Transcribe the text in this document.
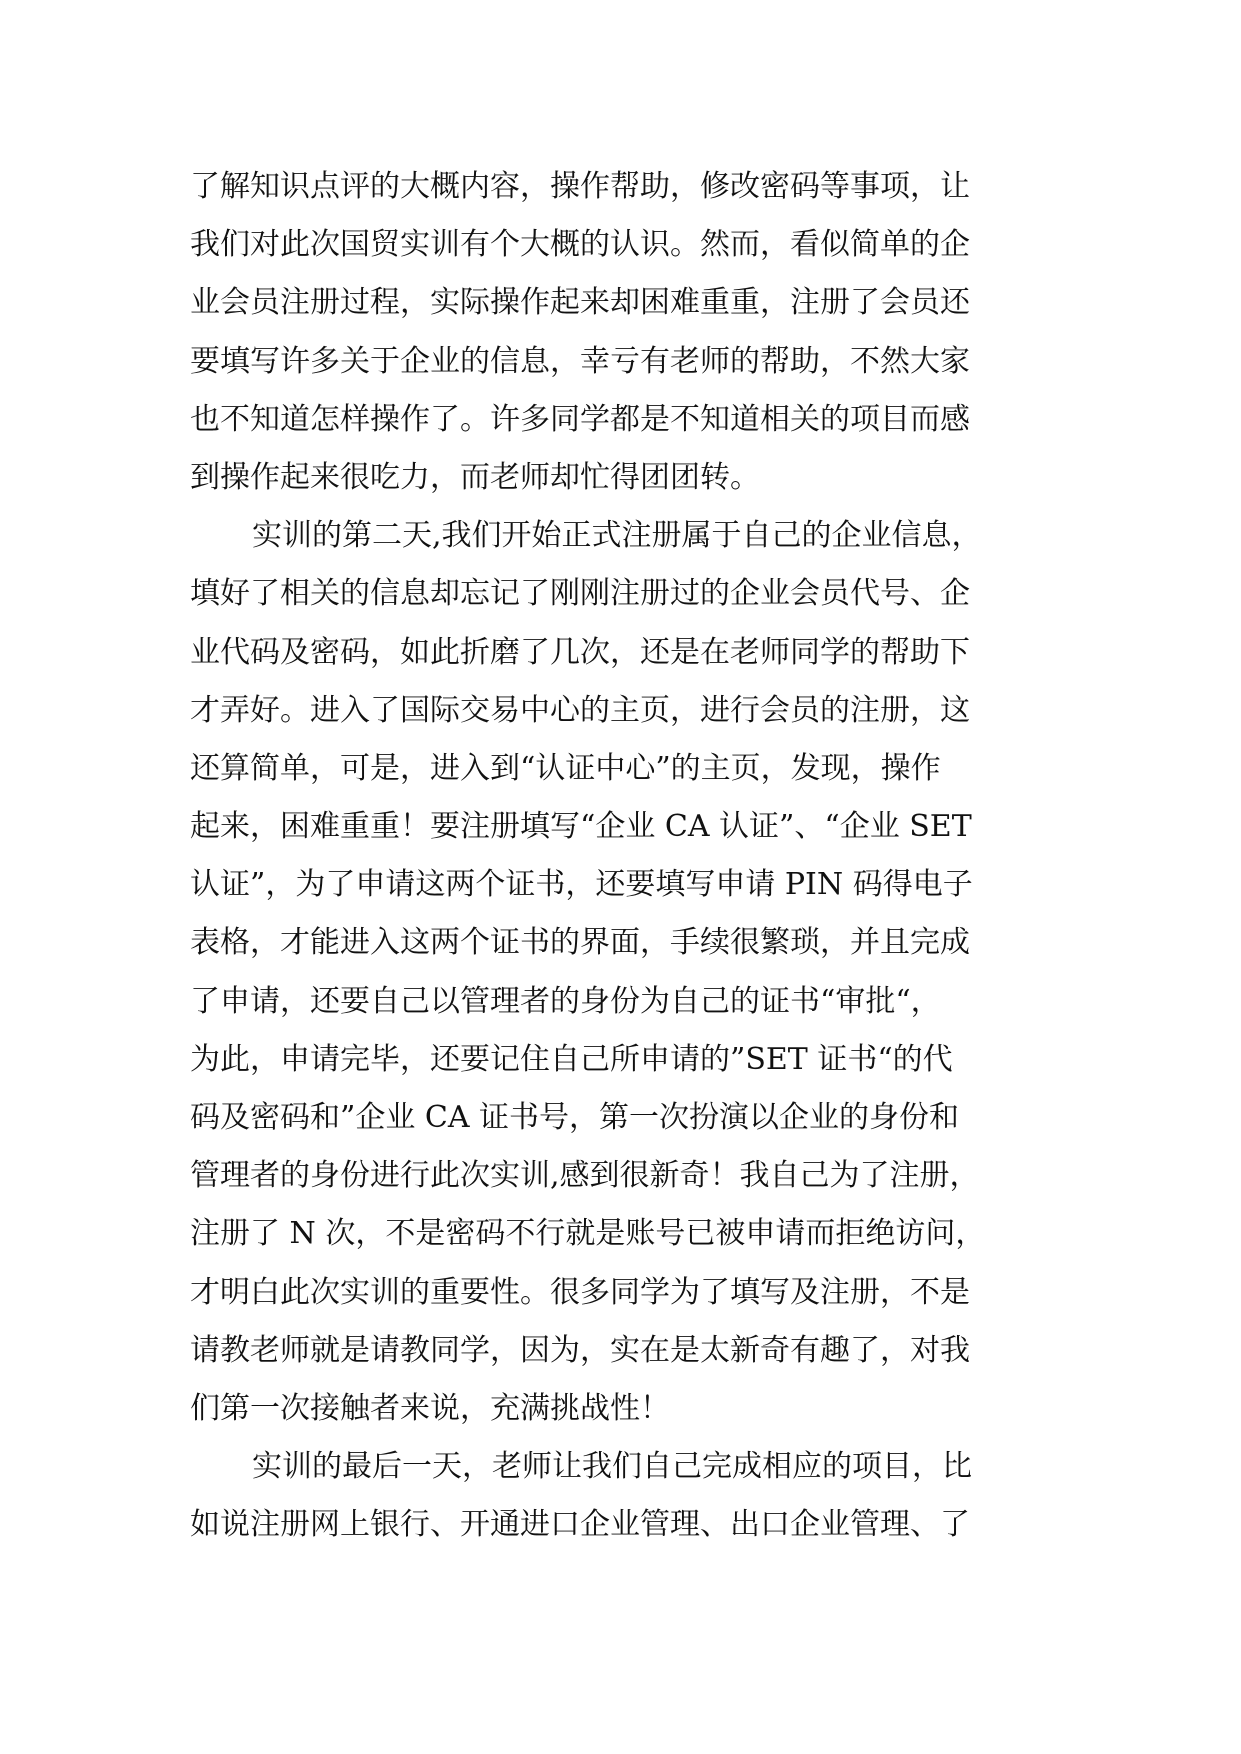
了解知识点评的大概内容，操作帮助，修改密码等事项，让
我们对此次国贸实训有个大概的认识。然而，看似简单的企
业会员注册过程，实际操作起来却困难重重，注册了会员还
要填写许多关于企业的信息，幸亏有老师的帮助，不然大家
也不知道怎样操作了。许多同学都是不知道相关的项目而感
到操作起来很吃力，而老师却忙得团团转。
实训的第二天,我们开始正式注册属于自己的企业信息，
填好了相关的信息却忘记了刚刚注册过的企业会员代号、企
业代码及密码，如此折磨了几次，还是在老师同学的帮助下
才弄好。进入了国际交易中心的主页，进行会员的注册，这
还算简单，可是，进入到“认证中心”的主页，发现，操作
起来，困难重重！要注册填写“企业 CA 认证”、“企业 SET
认证”，为了申请这两个证书，还要填写申请 PIN 码得电子
表格，才能进入这两个证书的界面，手续很繁琐，并且完成
了申请，还要自己以管理者的身份为自己的证书“审批“，
为此，申请完毕，还要记住自己所申请的”SET 证书“的代
码及密码和”企业 CA 证书号，第一次扮演以企业的身份和
管理者的身份进行此次实训,感到很新奇！我自己为了注册，
注册了 N 次，不是密码不行就是账号已被申请而拒绝访问，
才明白此次实训的重要性。很多同学为了填写及注册，不是
请教老师就是请教同学，因为，实在是太新奇有趣了，对我
们第一次接触者来说，充满挑战性！
实训的最后一天，老师让我们自己完成相应的项目，比
如说注册网上银行、开通进口企业管理、出口企业管理、了
